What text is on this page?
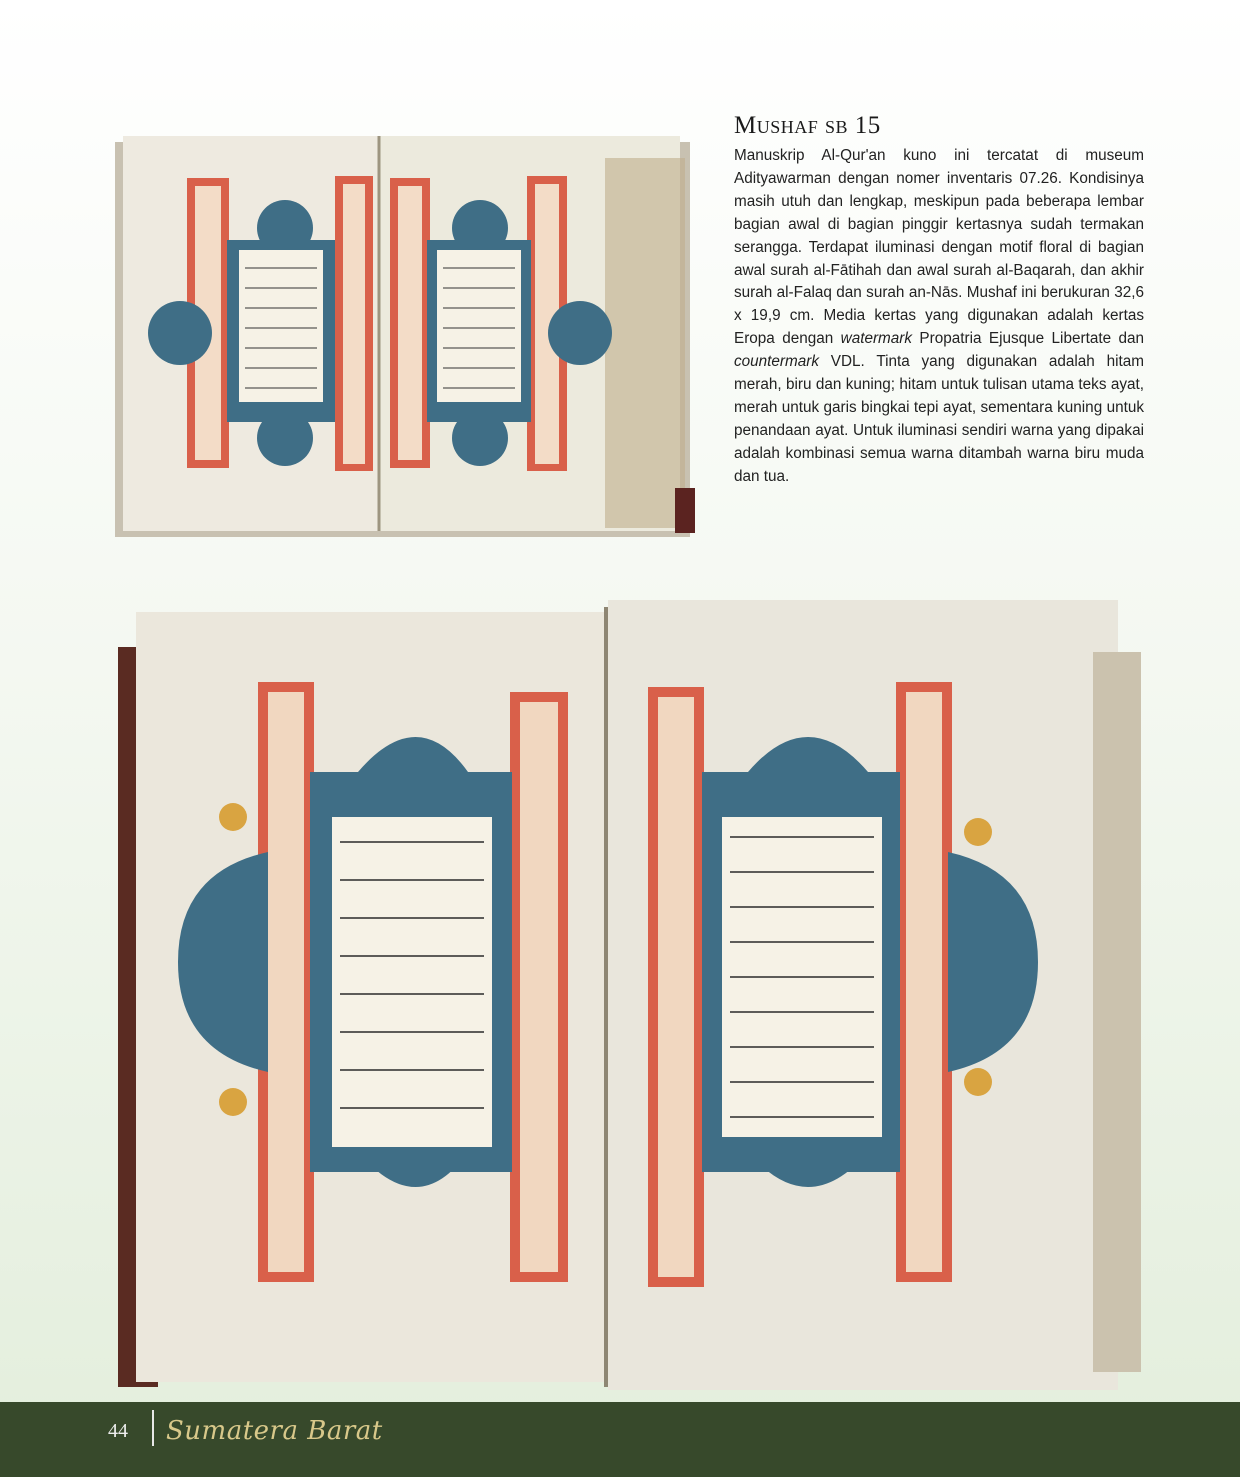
Mushaf sb 15
Manuskrip Al-Qur'an kuno ini tercatat di museum Adityawarman dengan nomer inventaris 07.26. Kondisinya masih utuh dan lengkap, meskipun pada beberapa lembar bagian awal di bagian pinggir kertasnya sudah termakan serangga. Terdapat iluminasi dengan motif floral di bagian awal surah al-Fātihah dan awal surah al-Baqarah, dan akhir surah al-Falaq dan surah an-Nās. Mushaf ini berukuran 32,6 x 19,9 cm. Media kertas yang digunakan adalah kertas Eropa dengan watermark Propatria Ejusque Libertate dan countermark VDL. Tinta yang digunakan adalah hitam merah, biru dan kuning; hitam untuk tulisan utama teks ayat, merah untuk garis bingkai tepi ayat, sementara kuning untuk penandaan ayat. Untuk iluminasi sendiri warna yang dipakai adalah kombinasi semua warna ditambah warna biru muda dan tua.
44 Sumatera Barat
